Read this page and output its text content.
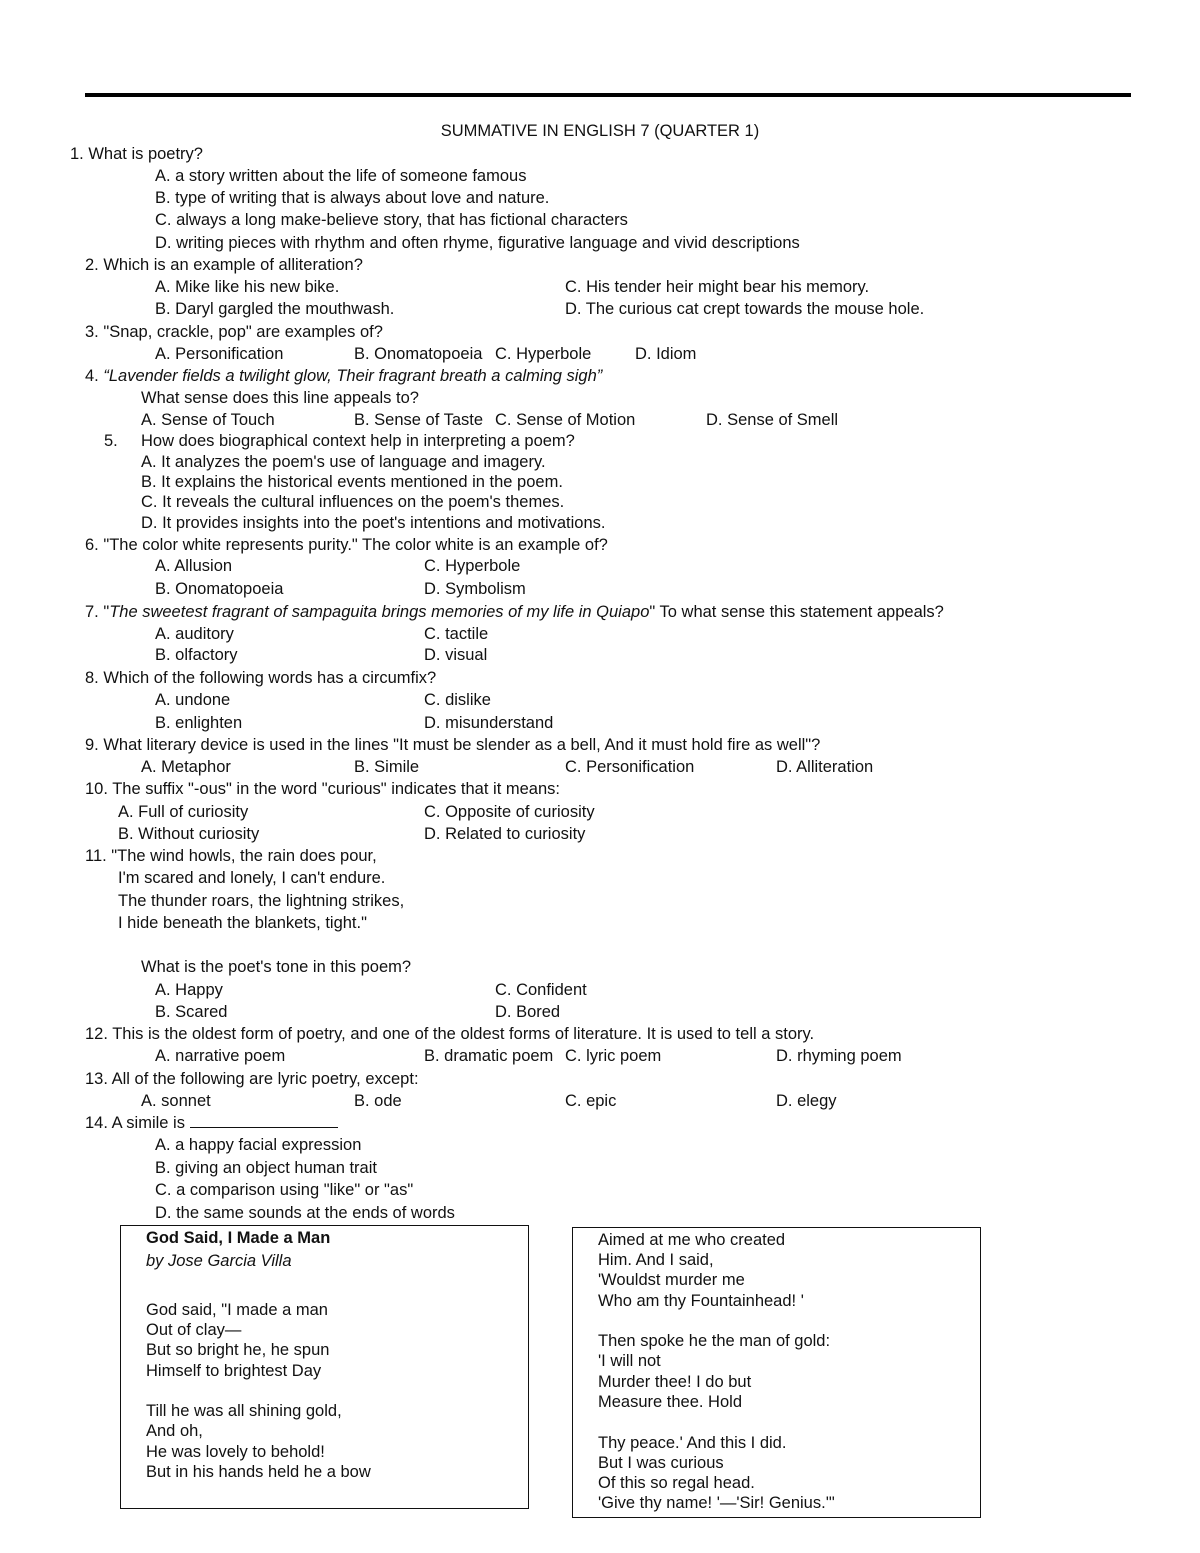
SUMMATIVE IN ENGLISH 7 (QUARTER 1)
1. What is poetry?
A. a story written about the life of someone famous
B. type of writing that is always about love and nature.
C. always a long make-believe story, that has fictional characters
D. writing pieces with rhythm and often rhyme, figurative language and vivid descriptions
2. Which is an example of alliteration?
A. Mike like his new bike.	C. His tender heir might bear his memory.
B. Daryl gargled the mouthwash.	D. The curious cat crept towards the mouse hole.
3. "Snap, crackle, pop" are examples of?
A. Personification	B. Onomatopoeia C. Hyperbole	D. Idiom
4. “Lavender fields a twilight glow, Their fragrant breath a calming sigh”
What sense does this line appeals to?
A. Sense of Touch	B. Sense of Taste C. Sense of Motion	D. Sense of Smell
5. How does biographical context help in interpreting a poem?
A. It analyzes the poem's use of language and imagery.
B. It explains the historical events mentioned in the poem.
C. It reveals the cultural influences on the poem's themes.
D. It provides insights into the poet's intentions and motivations.
6. "The color white represents purity." The color white is an example of?
A. Allusion	C. Hyperbole
B. Onomatopoeia	D. Symbolism
7. "The sweetest fragrant of sampaguita brings memories of my life in Quiapo" To what sense this statement appeals?
A. auditory	C. tactile
B. olfactory	D. visual
8. Which of the following words has a circumfix?
A. undone	C. dislike
B. enlighten	D. misunderstand
9. What literary device is used in the lines "It must be slender as a bell, And it must hold fire as well"?
A. Metaphor	B. Simile	C. Personification	D. Alliteration
10. The suffix "-ous" in the word "curious" indicates that it means:
A. Full of curiosity	C. Opposite of curiosity
B. Without curiosity	D. Related to curiosity
11. "The wind howls, the rain does pour,
I'm scared and lonely, I can't endure.
The thunder roars, the lightning strikes,
I hide beneath the blankets, tight."
What is the poet's tone in this poem?
A. Happy	C. Confident
B. Scared	D. Bored
12. This is the oldest form of poetry, and one of the oldest forms of literature. It is used to tell a story.
A. narrative poem	B. dramatic poem C. lyric poem	D. rhyming poem
13. All of the following are lyric poetry, except:
A. sonnet	B. ode	C. epic	D. elegy
14. A simile is
A. a happy facial expression
B. giving an object human trait
C. a comparison using "like" or "as"
D. the same sounds at the ends of words
God Said, I Made a Man
by Jose Garcia Villa
God said, "I made a man
Out of clay—
But so bright he, he spun
Himself to brightest Day
Till he was all shining gold,
And oh,
He was lovely to behold!
But in his hands held he a bow
Aimed at me who created
Him. And I said,
'Wouldst murder me
Who am thy Fountainhead! '
Then spoke he the man of gold:
'I will not
Murder thee! I do but
Measure thee. Hold
Thy peace.' And this I did.
But I was curious
Of this so regal head.
'Give thy name! '—'Sir! Genius.'"
